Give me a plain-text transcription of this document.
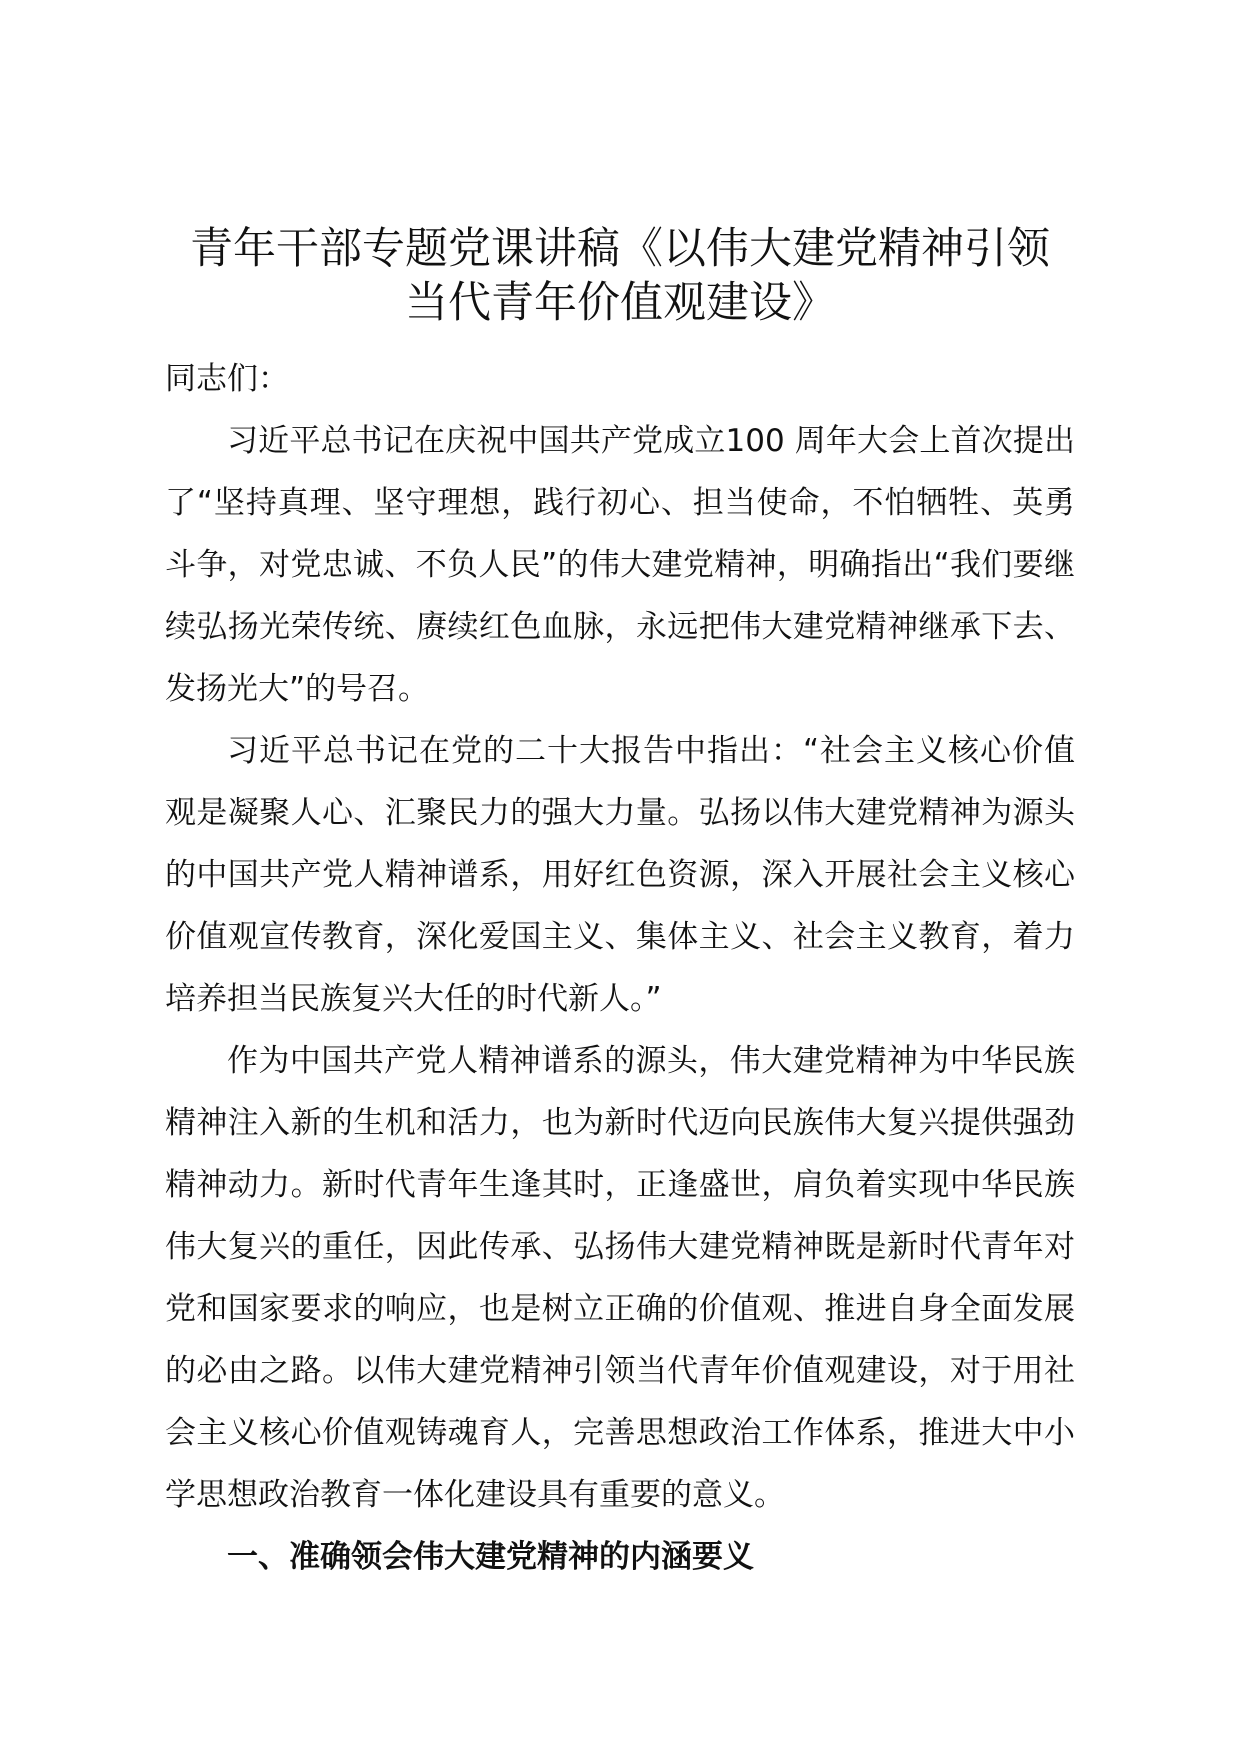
青年干部专题党课讲稿《以伟大建党精神引领
当代青年价值观建设》

同志们：

习近平总书记在庆祝中国共产党成立100 周年大会上首次提出了“坚持真理、坚守理想，践行初心、担当使命，不怕牺牲、英勇斗争，对党忠诚、不负人民”的伟大建党精神，明确指出“我们要继续弘扬光荣传统、赓续红色血脉，永远把伟大建党精神继承下去、发扬光大”的号召。

习近平总书记在党的二十大报告中指出：“社会主义核心价值观是凝聚人心、汇聚民力的强大力量。弘扬以伟大建党精神为源头的中国共产党人精神谱系，用好红色资源，深入开展社会主义核心价值观宣传教育，深化爱国主义、集体主义、社会主义教育，着力培养担当民族复兴大任的时代新人。”

作为中国共产党人精神谱系的源头，伟大建党精神为中华民族精神注入新的生机和活力，也为新时代迈向民族伟大复兴提供强劲精神动力。新时代青年生逢其时，正逢盛世，肩负着实现中华民族伟大复兴的重任，因此传承、弘扬伟大建党精神既是新时代青年对党和国家要求的响应，也是树立正确的价值观、推进自身全面发展的必由之路。以伟大建党精神引领当代青年价值观建设，对于用社会主义核心价值观铸魂育人，完善思想政治工作体系，推进大中小学思想政治教育一体化建设具有重要的意义。

一、准确领会伟大建党精神的内涵要义
